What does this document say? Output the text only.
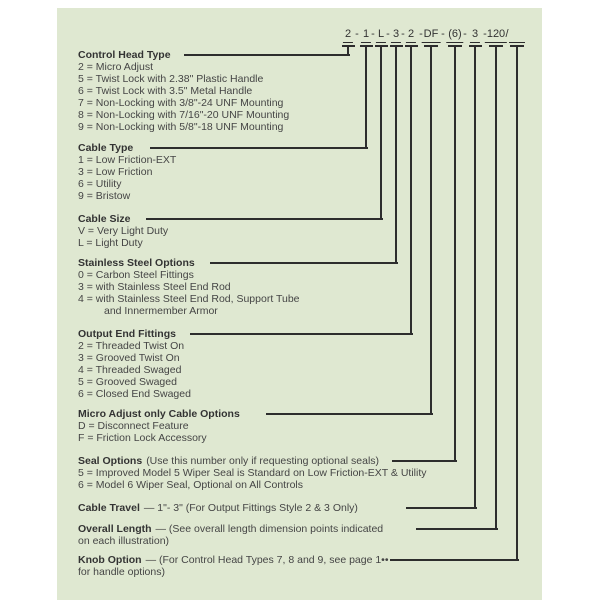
2 - 1 - L - 3 - 2 - DF - (6) - 3 - 120 /
Control Head Type
2 = Micro Adjust
5 = Twist Lock with 2.38" Plastic Handle
6 = Twist Lock with 3.5" Metal Handle
7 = Non-Locking with 3/8"-24 UNF Mounting
8 = Non-Locking with 7/16"-20 UNF Mounting
9 = Non-Locking with 5/8"-18 UNF Mounting
Cable Type
1 = Low Friction-EXT
3 = Low Friction
6 = Utility
9 = Bristow
Cable Size
V = Very Light Duty
L = Light Duty
Stainless Steel Options
0 = Carbon Steel Fittings
3 = with Stainless Steel End Rod
4 = with Stainless Steel End Rod, Support Tube
and Innermember Armor
Output End Fittings
2 = Threaded Twist On
3 = Grooved Twist On
4 = Threaded Swaged
5 = Grooved Swaged
6 = Closed End Swaged
Micro Adjust only Cable Options
D = Disconnect Feature
F = Friction Lock Accessory
Seal Options (Use this number only if requesting optional seals)
5 = Improved Model 5 Wiper Seal is Standard on Low Friction-EXT & Utility
6 = Model 6 Wiper Seal, Optional on All Controls
Cable Travel — 1"- 3" (For Output Fittings Style 2 & 3 Only)
Overall Length — (See overall length dimension points indicated
on each illustration)
Knob Option — (For Control Head Types 7, 8 and 9, see page 1••
for handle options)
